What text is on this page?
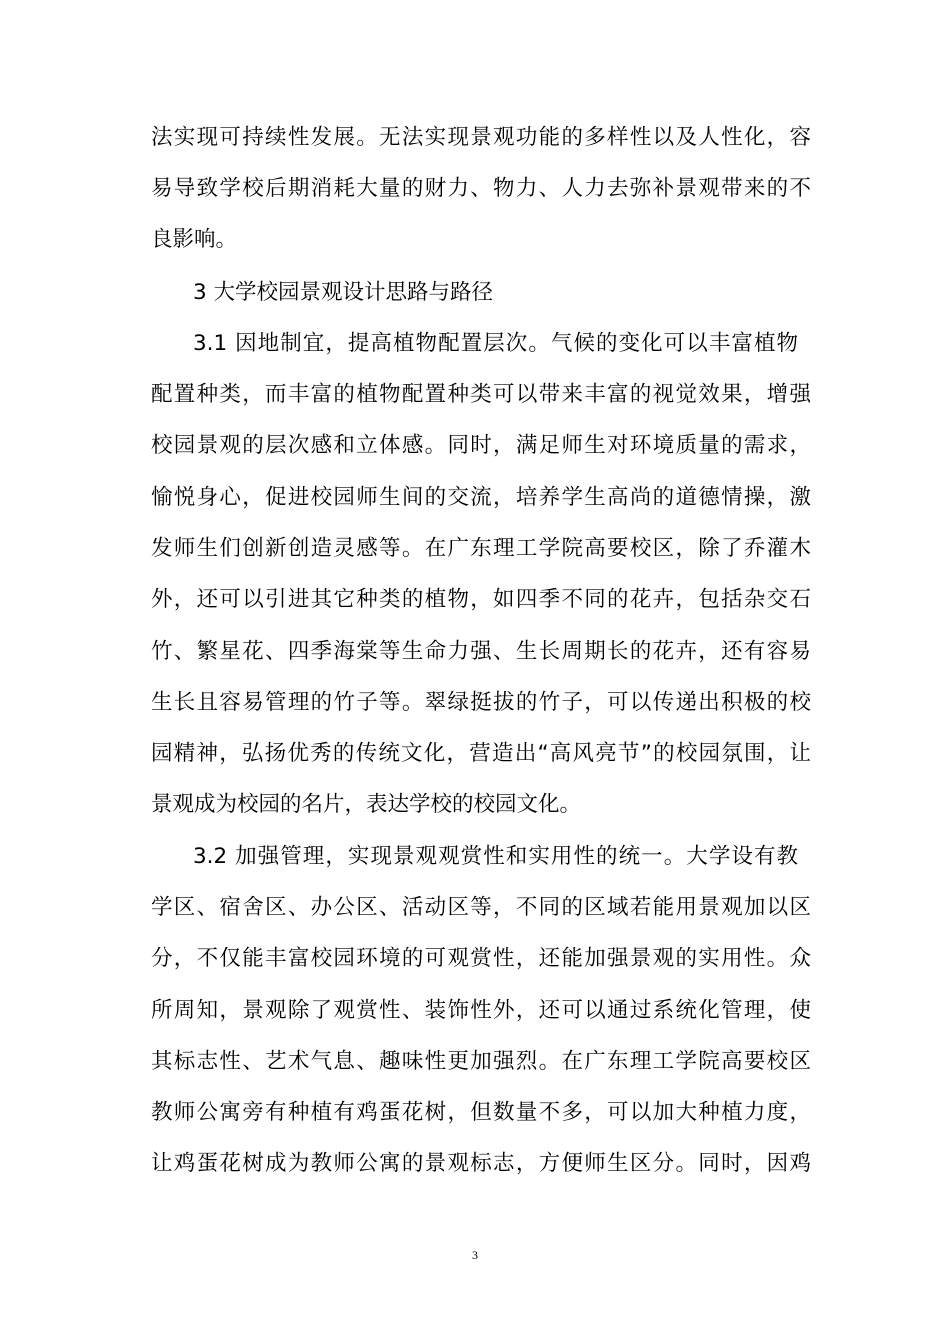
法实现可持续性发展。无法实现景观功能的多样性以及人性化，容
易导致学校后期消耗大量的财力、物力、人力去弥补景观带来的不
良影响。
3 大学校园景观设计思路与路径
3.1 因地制宜，提高植物配置层次。气候的变化可以丰富植物
配置种类，而丰富的植物配置种类可以带来丰富的视觉效果，增强
校园景观的层次感和立体感。同时，满足师生对环境质量的需求，
愉悦身心，促进校园师生间的交流，培养学生高尚的道德情操，激
发师生们创新创造灵感等。在广东理工学院高要校区，除了乔灌木
外，还可以引进其它种类的植物，如四季不同的花卉，包括杂交石
竹、繁星花、四季海棠等生命力强、生长周期长的花卉，还有容易
生长且容易管理的竹子等。翠绿挺拔的竹子，可以传递出积极的校
园精神，弘扬优秀的传统文化，营造出“高风亮节”的校园氛围，让
景观成为校园的名片，表达学校的校园文化。
3.2 加强管理，实现景观观赏性和实用性的统一。大学设有教
学区、宿舍区、办公区、活动区等，不同的区域若能用景观加以区
分，不仅能丰富校园环境的可观赏性，还能加强景观的实用性。众
所周知，景观除了观赏性、装饰性外，还可以通过系统化管理，使
其标志性、艺术气息、趣味性更加强烈。在广东理工学院高要校区
教师公寓旁有种植有鸡蛋花树，但数量不多，可以加大种植力度，
让鸡蛋花树成为教师公寓的景观标志，方便师生区分。同时，因鸡
3
